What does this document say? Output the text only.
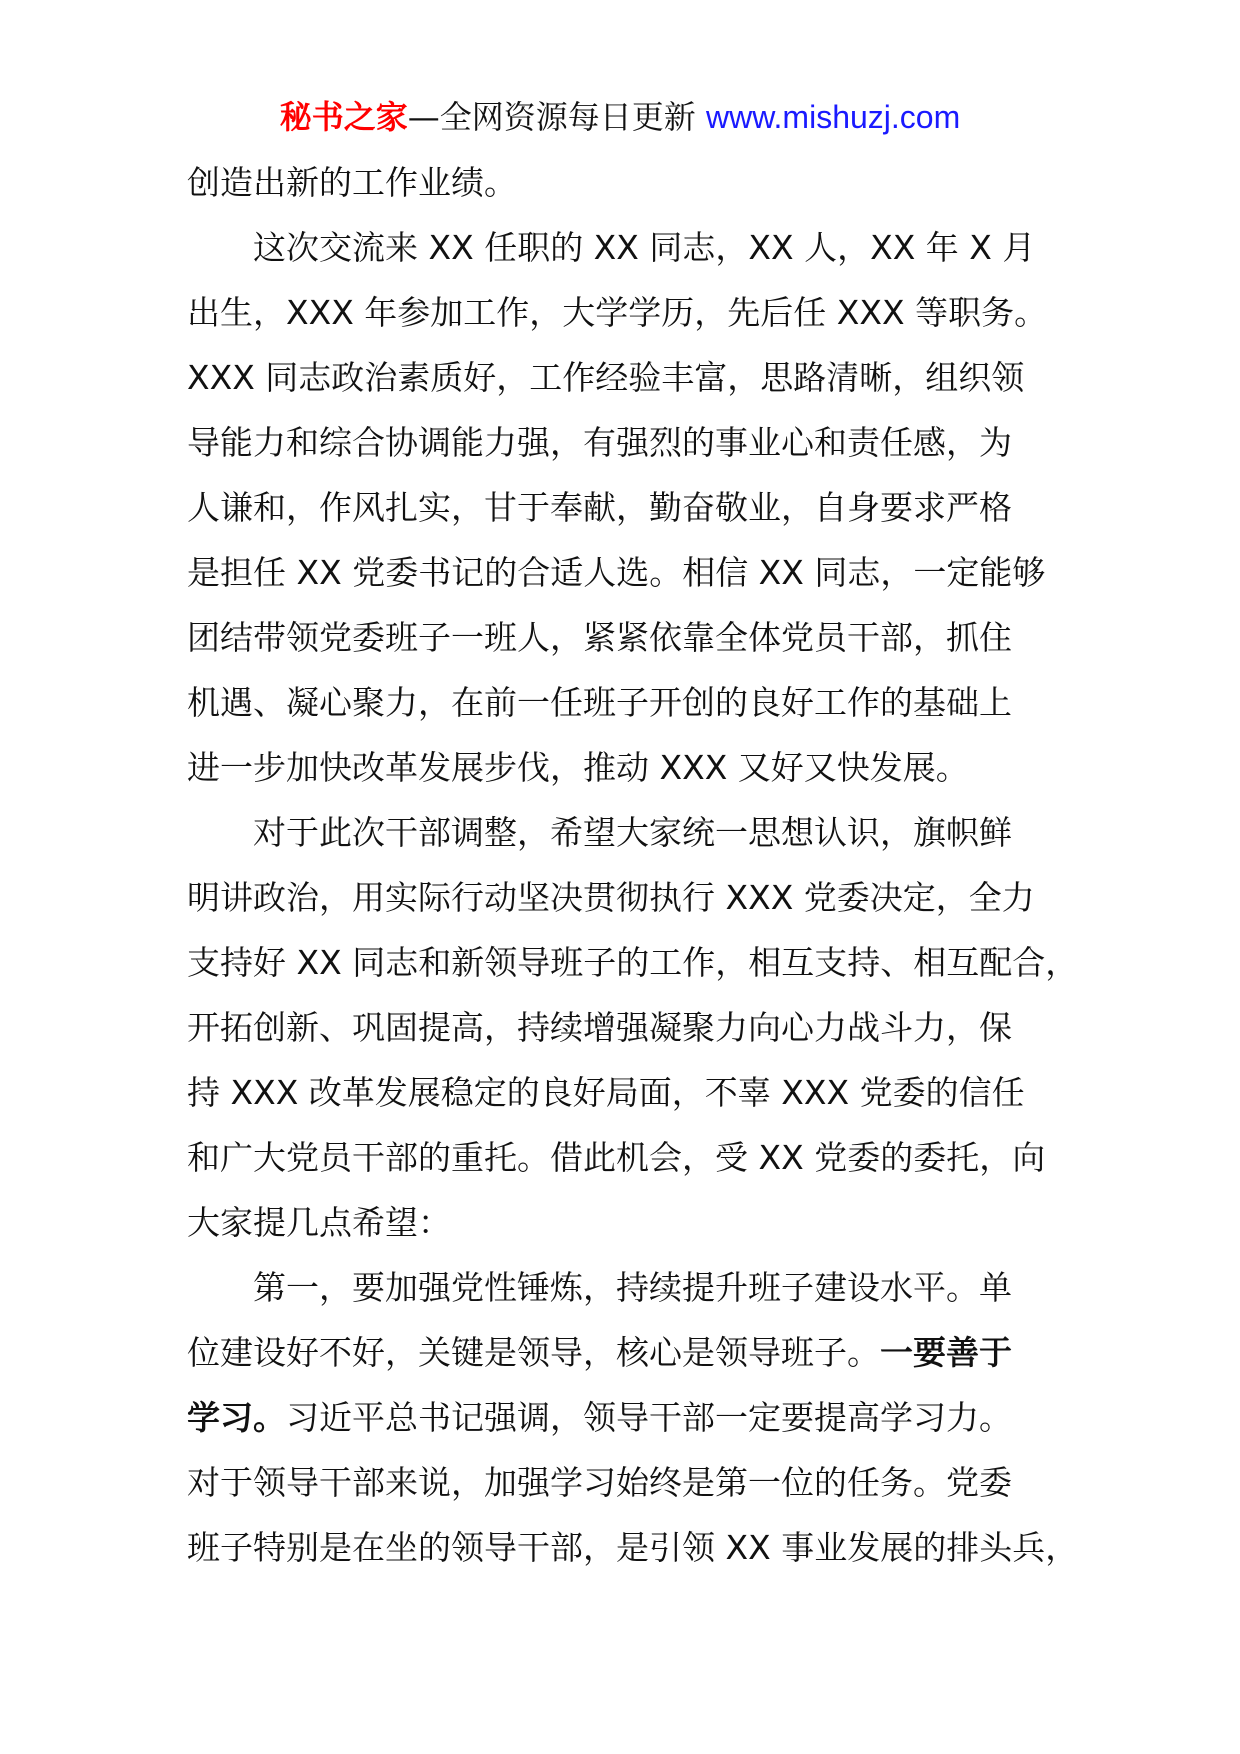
秘书之家—全网资源每日更新 www.mishuzj.com
创造出新的工作业绩。
这次交流来 XX 任职的 XX 同志，XX 人，XX 年 X 月
出生，XXX 年参加工作，大学学历，先后任 XXX 等职务。
XXX 同志政治素质好，工作经验丰富，思路清晰，组织领
导能力和综合协调能力强，有强烈的事业心和责任感，为
人谦和，作风扎实，甘于奉献，勤奋敬业，自身要求严格
是担任 XX 党委书记的合适人选。相信 XX 同志，一定能够
团结带领党委班子一班人，紧紧依靠全体党员干部，抓住
机遇、凝心聚力，在前一任班子开创的良好工作的基础上
进一步加快改革发展步伐，推动 XXX 又好又快发展。
对于此次干部调整，希望大家统一思想认识，旗帜鲜
明讲政治，用实际行动坚决贯彻执行 XXX 党委决定，全力
支持好 XX 同志和新领导班子的工作，相互支持、相互配合，
开拓创新、巩固提高，持续增强凝聚力向心力战斗力，保
持 XXX 改革发展稳定的良好局面，不辜 XXX 党委的信任
和广大党员干部的重托。借此机会，受 XX 党委的委托，向
大家提几点希望：
第一，要加强党性锤炼，持续提升班子建设水平。单
位建设好不好，关键是领导，核心是领导班子。一要善于
学习。习近平总书记强调，领导干部一定要提高学习力。
对于领导干部来说，加强学习始终是第一位的任务。党委
班子特别是在坐的领导干部，是引领 XX 事业发展的排头兵，
